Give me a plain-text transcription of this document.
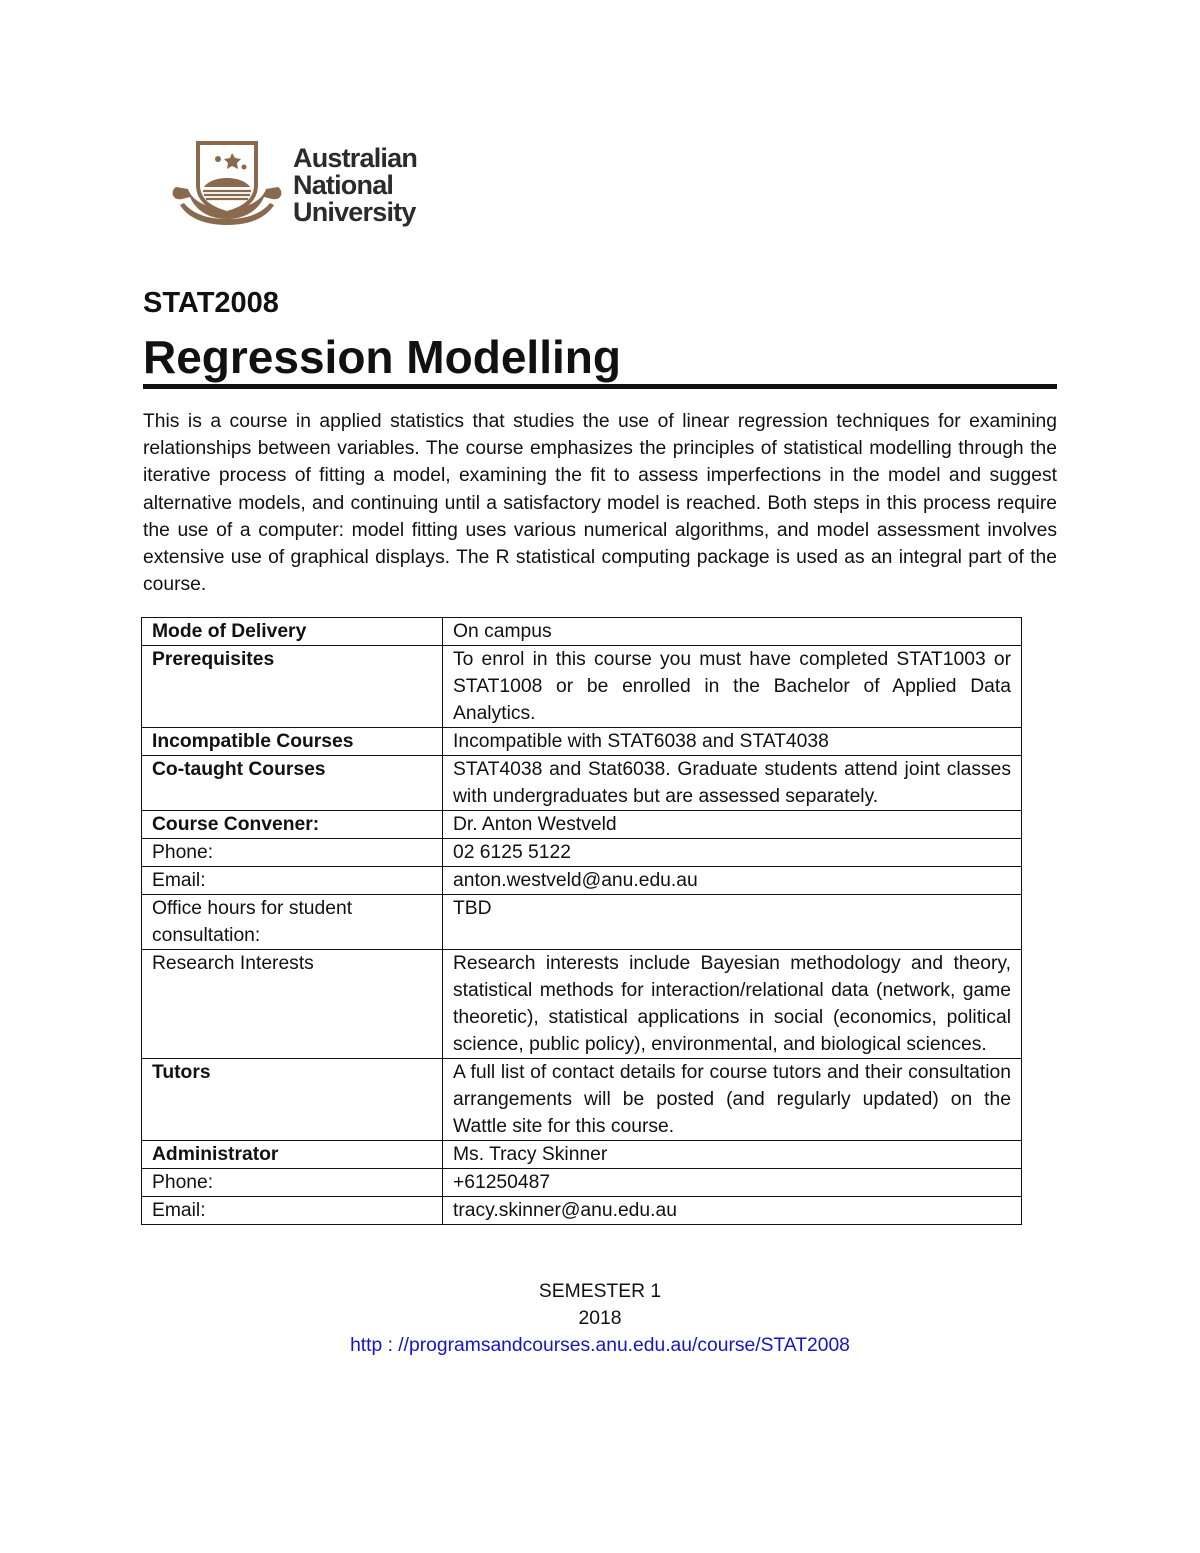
Australian
National
University
STAT2008
Regression Modelling
This is a course in applied statistics that studies the use of linear regression techniques for examining relationships between variables. The course emphasizes the principles of statistical modelling through the iterative process of fitting a model, examining the fit to assess imperfections in the model and suggest alternative models, and continuing until a satisfactory model is reached. Both steps in this process require the use of a computer: model fitting uses various numerical algorithms, and model assessment involves extensive use of graphical displays. The R statistical computing package is used as an integral part of the course.
Mode of Delivery	On campus
Prerequisites	To enrol in this course you must have completed STAT1003 or STAT1008 or be enrolled in the Bachelor of Applied Data Analytics.
Incompatible Courses	Incompatible with STAT6038 and STAT4038
Co-taught Courses	STAT4038 and Stat6038. Graduate students attend joint classes with undergraduates but are assessed separately.
Course Convener:	Dr. Anton Westveld
Phone:	02 6125 5122
Email:	anton.westveld@anu.edu.au
Office hours for student consultation:	TBD
Research Interests	Research interests include Bayesian methodology and theory, statistical methods for interaction/relational data (network, game theoretic), statistical applications in social (economics, political science, public policy), environmental, and biological sciences.
Tutors	A full list of contact details for course tutors and their consultation arrangements will be posted (and regularly updated) on the Wattle site for this course.
Administrator	Ms. Tracy Skinner
Phone:	+61250487
Email:	tracy.skinner@anu.edu.au
SEMESTER 1
2018
http : //programsandcourses.anu.edu.au/course/STAT2008
